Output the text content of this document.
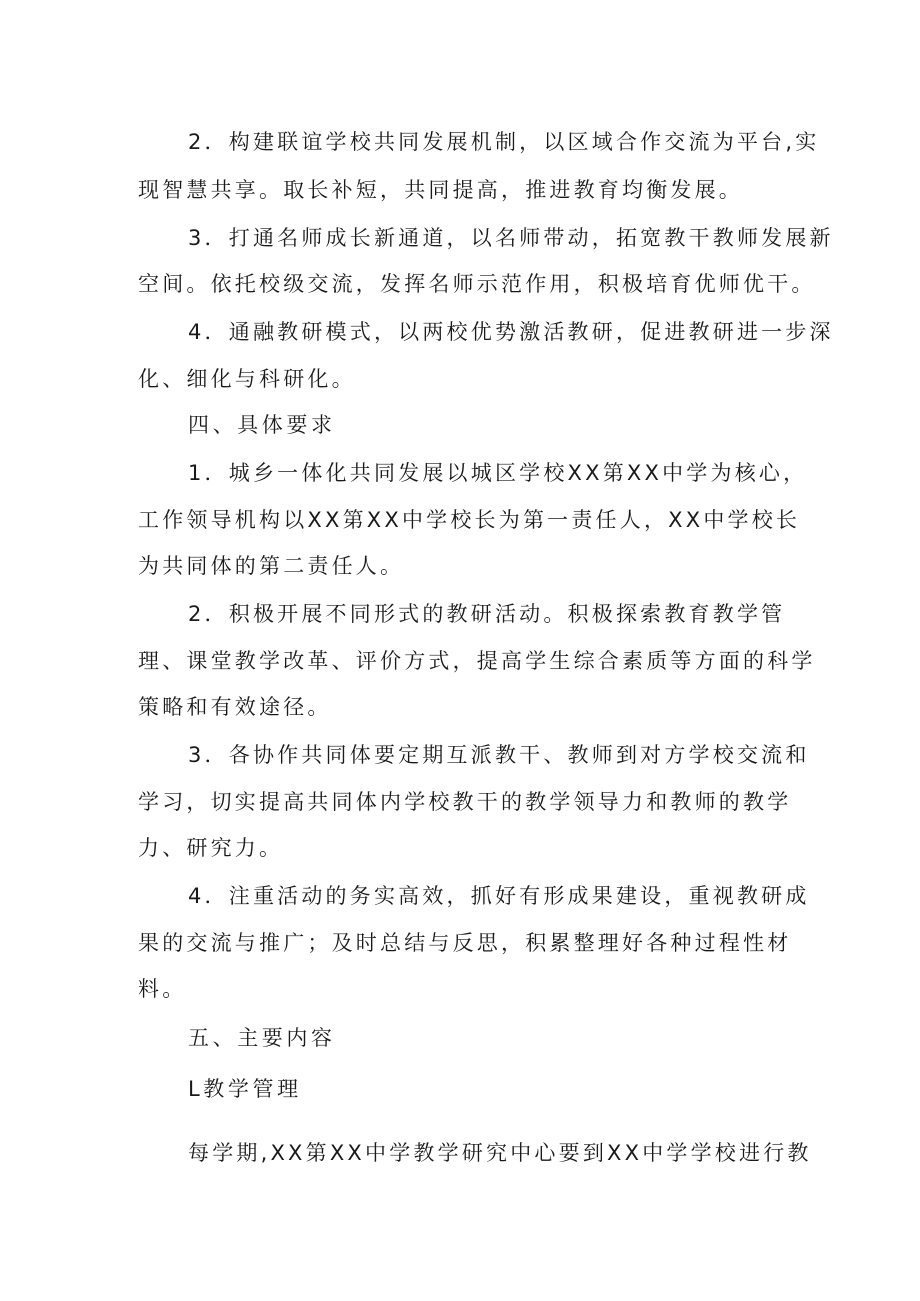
2．构建联谊学校共同发展机制，以区域合作交流为平台,实
现智慧共享。取长补短，共同提高，推进教育均衡发展。
3．打通名师成长新通道，以名师带动，拓宽教干教师发展新
空间。依托校级交流，发挥名师示范作用，积极培育优师优干。
4．通融教研模式，以两校优势激活教研，促进教研进一步深
化、细化与科研化。
四、具体要求
1．城乡一体化共同发展以城区学校XX第XX中学为核心，
工作领导机构以XX第XX中学校长为第一责任人，XX中学校长
为共同体的第二责任人。
2．积极开展不同形式的教研活动。积极探索教育教学管
理、课堂教学改革、评价方式，提高学生综合素质等方面的科学
策略和有效途径。
3．各协作共同体要定期互派教干、教师到对方学校交流和
学习，切实提高共同体内学校教干的教学领导力和教师的教学
力、研究力。
4．注重活动的务实高效，抓好有形成果建设，重视教研成
果的交流与推广；及时总结与反思，积累整理好各种过程性材
料。
五、主要内容
L教学管理
每学期,XX第XX中学教学研究中心要到XX中学学校进行教
